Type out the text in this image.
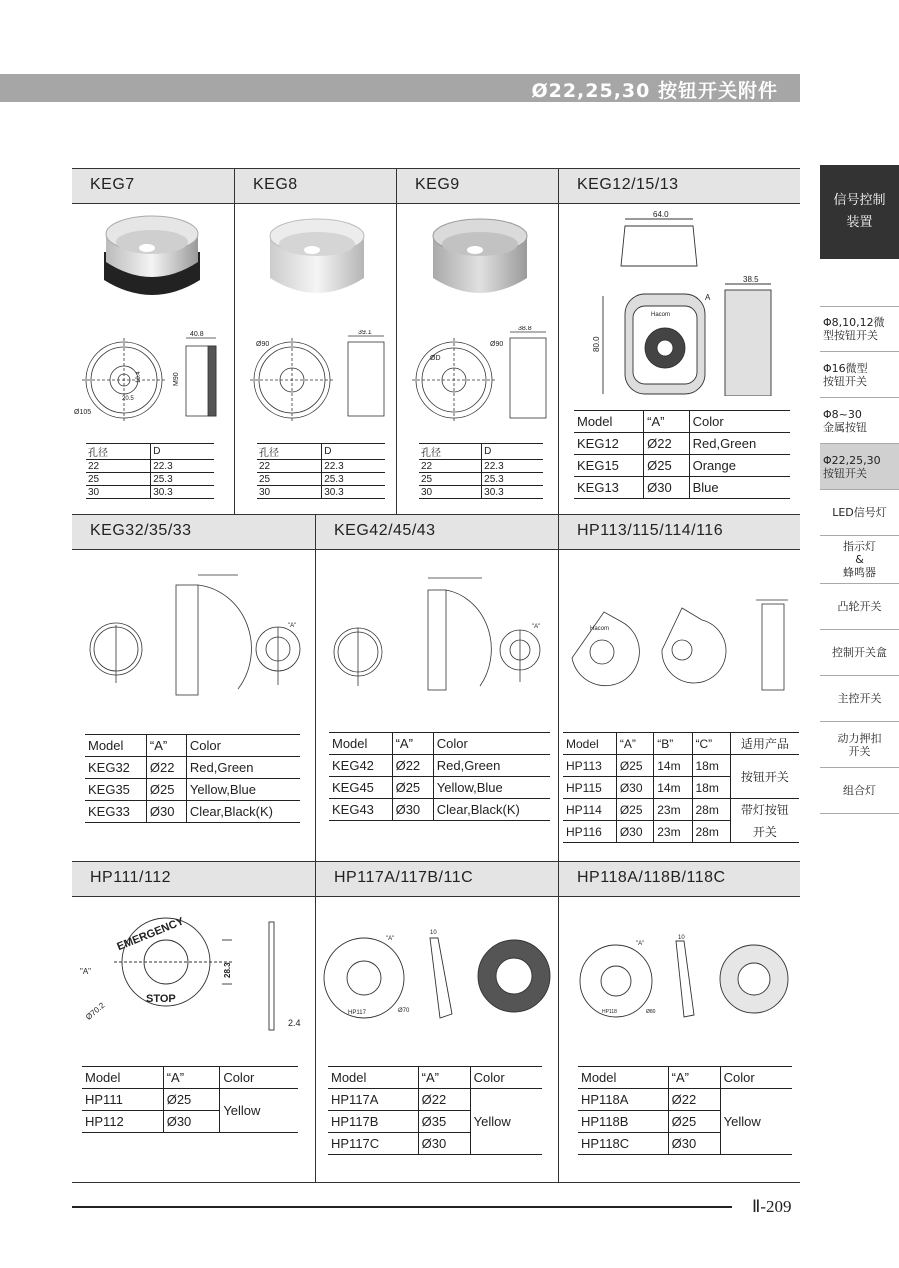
Ø22,25,30 按钮开关附件
信号控制
装置
Φ8,10,12微
型按钮开关
Φ16微型
按钮开关
Φ8~30
金属按钮
Φ22,25,30
按钮开关
LED信号灯
指示灯
&
蜂鸣器
凸轮开关
控制开关盒
主控开关
动力押扣
开关
组合灯
KEG7	KEG8	KEG9	KEG12/15/13
KEG32/35/33	KEG42/45/43	HP113/115/114/116
HP111/112	HP117A/117B/11C	HP118A/118B/118C
40.8
M90
Ø105
20.5
10.4
Ø90
39.1
Ø90
ØD
38.8
孔径	D
22	22.3
25	25.3
30	30.3
孔径	D
22	22.3
25	25.3
30	30.3
孔径	D
22	22.3
25	25.3
30	30.3
64.0
38.5
80.0
A
Hacom
Model	“A”	Color
KEG12	Ø22	Red,Green
KEG15	Ø25	Orange
KEG13	Ø30	Blue
"A"	"A"	Hacom
Model	“A”	Color
KEG32	Ø22	Red,Green
KEG35	Ø25	Yellow,Blue
KEG33	Ø30	Clear,Black(K)
Model	“A”	Color
KEG42	Ø22	Red,Green
KEG45	Ø25	Yellow,Blue
KEG43	Ø30	Clear,Black(K)
Model	“A”	“B”	“C”	适用产品
HP113	Ø25	14m	18m	按钮开关
HP115	Ø30	14m	18m	
HP114	Ø25	23m	28m	带灯按钮
HP116	Ø30	23m	28m	开关
EMERGENCY
STOP
"A"
Ø70.2
28.3
2.4
HP117	Ø70
"A"
10
HP118	Ø80
"A"
10
Model	“A”	Color
HP111	Ø25	Yellow
HP112	Ø30	
Model	“A”	Color
HP117A	Ø22	Yellow
HP117B	Ø35	
HP117C	Ø30	
Model	“A”	Color
HP118A	Ø22	Yellow
HP118B	Ø25	
HP118C	Ø30	
Ⅱ-209
